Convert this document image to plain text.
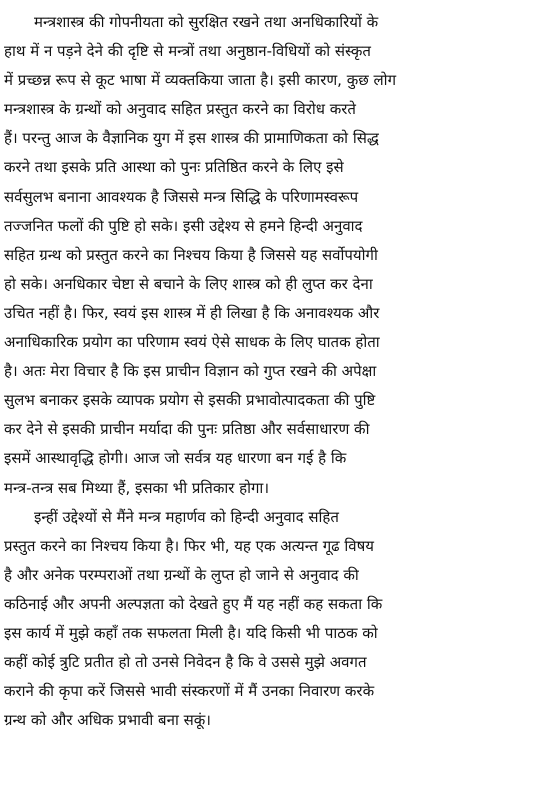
मन्त्रशास्त्र की गोपनीयता को सुरक्षित रखने तथा अनधिकारियों के
हाथ में न पड़ने देने की दृष्टि से मन्त्रों तथा अनुष्ठान-विधियों को संस्कृत
में प्रच्छन्न रूप से कूट भाषा में व्यक्तकिया जाता है। इसी कारण, कुछ लोग
मन्त्रशास्त्र के ग्रन्थों को अनुवाद सहित प्रस्तुत करने का विरोध करते
हैं। परन्तु आज के वैज्ञानिक युग में इस शास्त्र की प्रामाणिकता को सिद्ध
करने तथा इसके प्रति आस्था को पुनः प्रतिष्ठित करने के लिए इसे
सर्वसुलभ बनाना आवश्यक है जिससे मन्त्र सिद्धि के परिणामस्वरूप
तज्जनित फलों की पुष्टि हो सके। इसी उद्देश्य से हमने हिन्दी अनुवाद
सहित ग्रन्थ को प्रस्तुत करने का निश्चय किया है जिससे यह सर्वोपयोगी
हो सके। अनधिकार चेष्टा से बचाने के लिए शास्त्र को ही लुप्त कर देना
उचित नहीं है। फिर, स्वयं इस शास्त्र में ही लिखा है कि अनावश्यक और
अनाधिकारिक प्रयोग का परिणाम स्वयं ऐसे साधक के लिए घातक होता
है। अतः मेरा विचार है कि इस प्राचीन विज्ञान को गुप्त रखने की अपेक्षा
सुलभ बनाकर इसके व्यापक प्रयोग से इसकी प्रभावोत्पादकता की पुष्टि
कर देने से इसकी प्राचीन मर्यादा की पुनः प्रतिष्ठा और सर्वसाधारण की
इसमें आस्थावृद्धि होगी। आज जो सर्वत्र यह धारणा बन गई है कि
मन्त्र-तन्त्र सब मिथ्या हैं, इसका भी प्रतिकार होगा।
इन्हीं उद्देश्यों से मैंने मन्त्र महार्णव को हिन्दी अनुवाद सहित
प्रस्तुत करने का निश्चय किया है। फिर भी, यह एक अत्यन्त गूढ विषय
है और अनेक परम्पराओं तथा ग्रन्थों के लुप्त हो जाने से अनुवाद की
कठिनाई और अपनी अल्पज्ञता को देखते हुए मैं यह नहीं कह सकता कि
इस कार्य में मुझे कहाँ तक सफलता मिली है। यदि किसी भी पाठक को
कहीं कोई त्रुटि प्रतीत हो तो उनसे निवेदन है कि वे उससे मुझे अवगत
कराने की कृपा करें जिससे भावी संस्करणों में मैं उनका निवारण करके
ग्रन्थ को और अधिक प्रभावी बना सकूं।
